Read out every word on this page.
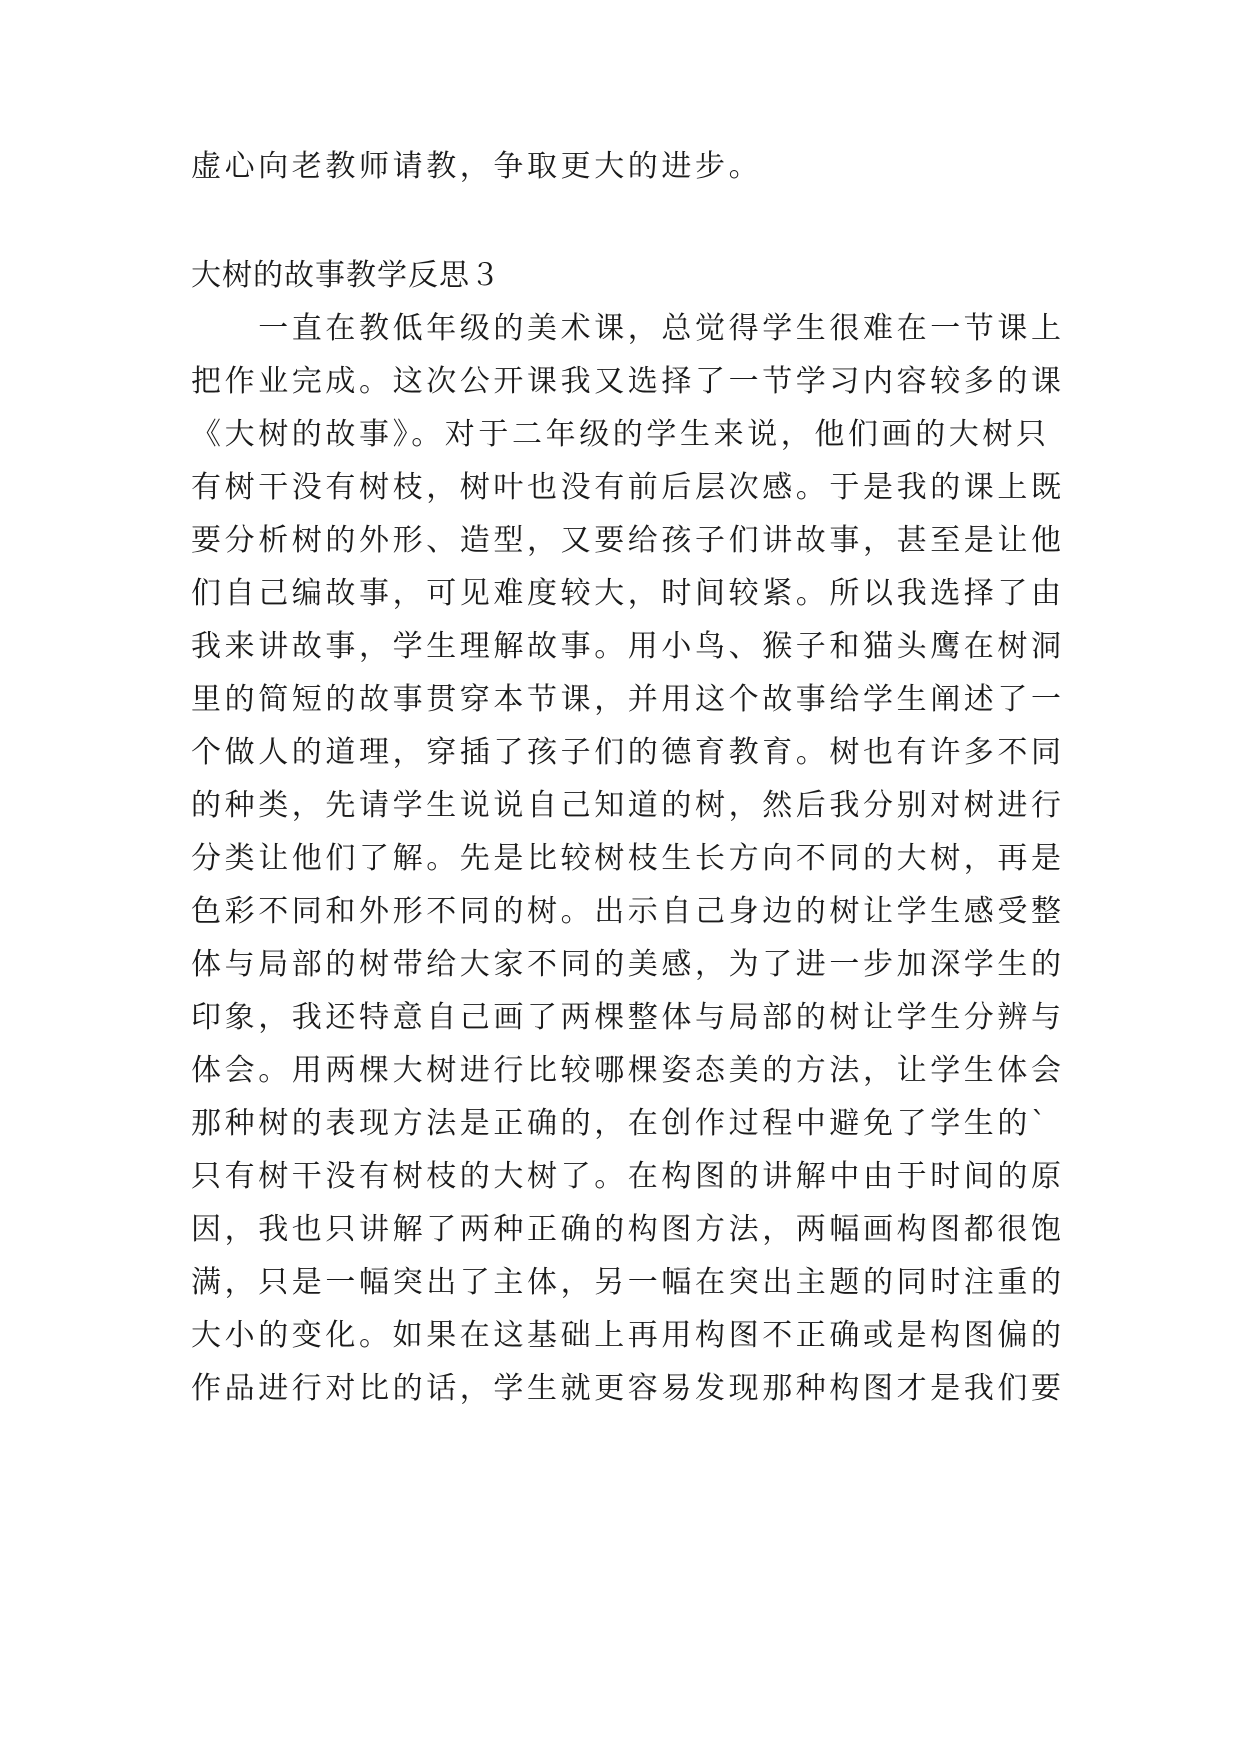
虚心向老教师请教，争取更大的进步。
大树的故事教学反思３
　　一直在教低年级的美术课，总觉得学生很难在一节课上
把作业完成。这次公开课我又选择了一节学习内容较多的课
《大树的故事》。对于二年级的学生来说，他们画的大树只
有树干没有树枝，树叶也没有前后层次感。于是我的课上既
要分析树的外形、造型，又要给孩子们讲故事，甚至是让他
们自己编故事，可见难度较大，时间较紧。所以我选择了由
我来讲故事，学生理解故事。用小鸟、猴子和猫头鹰在树洞
里的简短的故事贯穿本节课，并用这个故事给学生阐述了一
个做人的道理，穿插了孩子们的德育教育。树也有许多不同
的种类，先请学生说说自己知道的树，然后我分别对树进行
分类让他们了解。先是比较树枝生长方向不同的大树，再是
色彩不同和外形不同的树。出示自己身边的树让学生感受整
体与局部的树带给大家不同的美感，为了进一步加深学生的
印象，我还特意自己画了两棵整体与局部的树让学生分辨与
体会。用两棵大树进行比较哪棵姿态美的方法，让学生体会
那种树的表现方法是正确的，在创作过程中避免了学生的`
只有树干没有树枝的大树了。在构图的讲解中由于时间的原
因，我也只讲解了两种正确的构图方法，两幅画构图都很饱
满，只是一幅突出了主体，另一幅在突出主题的同时注重的
大小的变化。如果在这基础上再用构图不正确或是构图偏的
作品进行对比的话，学生就更容易发现那种构图才是我们要
